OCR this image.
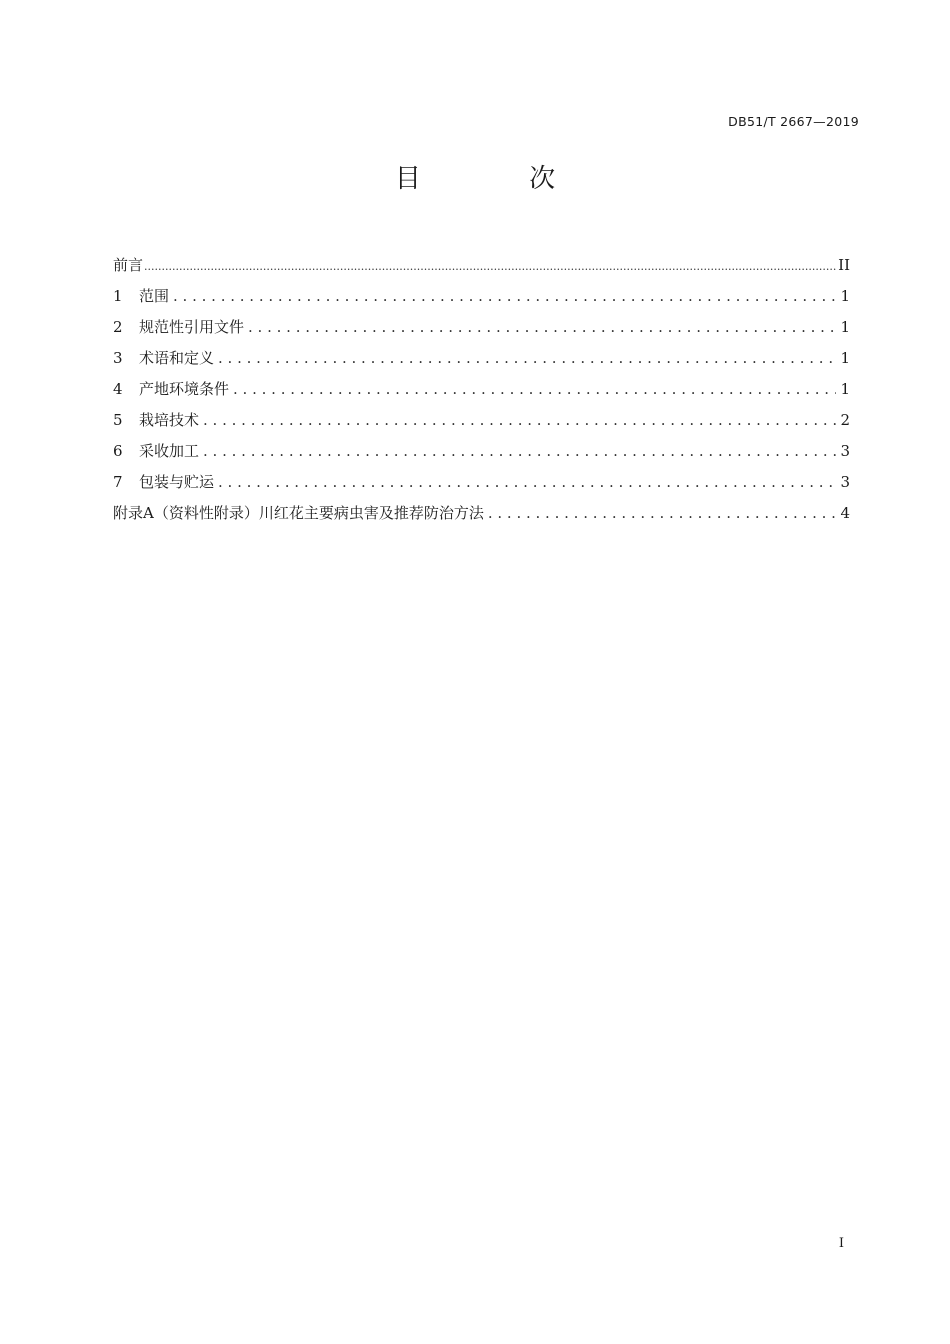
DB51/T 2667—2019
目 次
前言 .....	II
1	范围 . . .	1
2	规范性引用文件 . . .	1
3	术语和定义 . . .	1
4	产地环境条件 . . .	1
5	栽培技术 . . .	2
6	采收加工 . . .	3
7	包装与贮运 . . .	3
附录A（资料性附录）川红花主要病虫害及推荐防治方法 . . .	4
I
